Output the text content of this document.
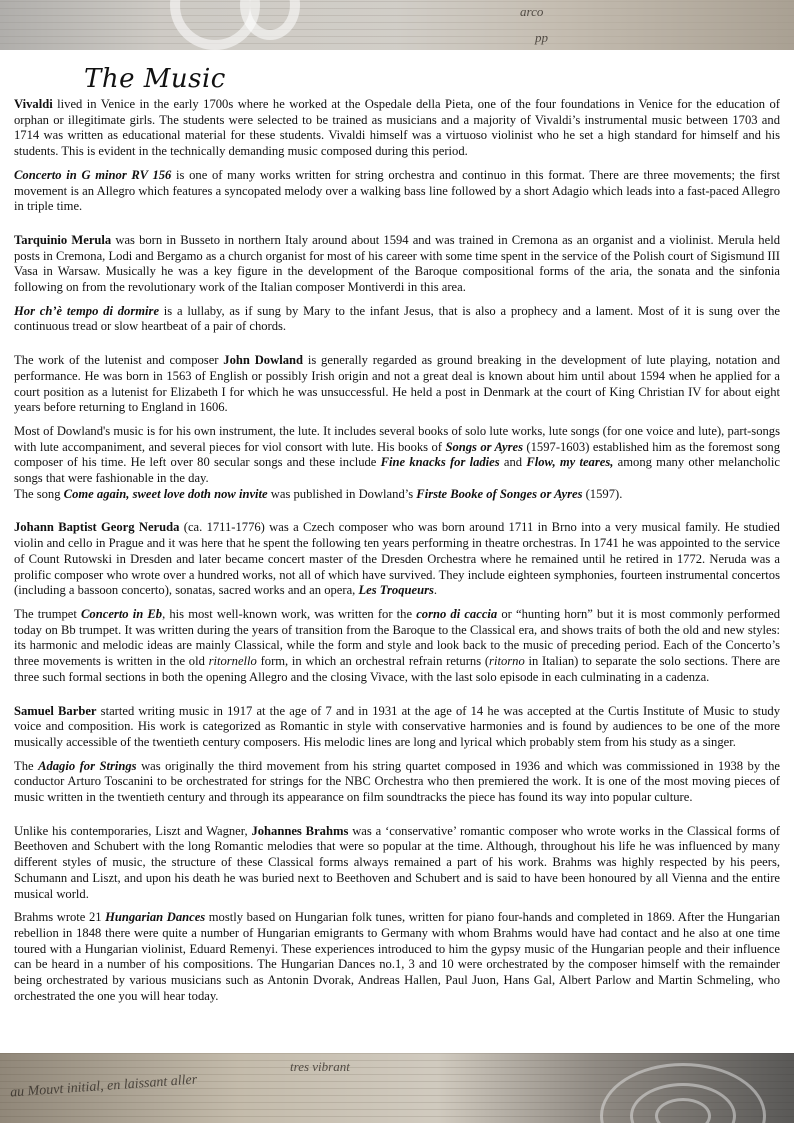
arco
pp
The Music

Vivaldi lived in Venice in the early 1700s where he worked at the Ospedale della Pieta, one of the four foundations in Venice for the education of orphan or illegitimate girls. The students were selected to be trained as musicians and a majority of Vivaldi’s instrumental music between 1703 and 1714 was written as educational material for these students. Vivaldi himself was a virtuoso violinist who he set a high standard for himself and his students. This is evident in the technically demanding music composed during this period.

Concerto in G minor RV 156 is one of many works written for string orchestra and continuo in this format. There are three movements; the first movement is an Allegro which features a syncopated melody over a walking bass line followed by a short Adagio which leads into a fast-paced Allegro in triple time.

Tarquinio Merula was born in Busseto in northern Italy around about 1594 and was trained in Cremona as an organist and a violinist. Merula held posts in Cremona, Lodi and Bergamo as a church organist for most of his career with some time spent in the service of the Polish court of Sigismund III Vasa in Warsaw. Musically he was a key figure in the development of the Baroque compositional forms of the aria, the sonata and the sinfonia following on from the revolutionary work of the Italian composer Montiverdi in this area.

Hor ch’è tempo di dormire is a lullaby, as if sung by Mary to the infant Jesus, that is also a prophecy and a lament. Most of it is sung over the continuous tread or slow heartbeat of a pair of chords.

The work of the lutenist and composer John Dowland is generally regarded as ground breaking in the development of lute playing, notation and performance. He was born in 1563 of English or possibly Irish origin and not a great deal is known about him until about 1594 when he applied for a court position as a lutenist for Elizabeth I for which he was unsuccessful. He held a post in Denmark at the court of King Christian IV for about eight years before returning to England in 1606.

Most of Dowland's music is for his own instrument, the lute. It includes several books of solo lute works, lute songs (for one voice and lute), part-songs with lute accompaniment, and several pieces for viol consort with lute. His books of Songs or Ayres (1597-1603) established him as the foremost song composer of his time. He left over 80 secular songs and these include Fine knacks for ladies and Flow, my teares, among many other melancholic songs that were fashionable in the day.

The song Come again, sweet love doth now invite was published in Dowland’s Firste Booke of Songes or Ayres (1597).

Johann Baptist Georg Neruda (ca. 1711-1776) was a Czech composer who was born around 1711 in Brno into a very musical family. He studied violin and cello in Prague and it was here that he spent the following ten years performing in theatre orchestras. In 1741 he was appointed to the service of Count Rutowski in Dresden and later became concert master of the Dresden Orchestra where he remained until he retired in 1772. Neruda was a prolific composer who wrote over a hundred works, not all of which have survived. They include eighteen symphonies, fourteen instrumental concertos (including a bassoon concerto), sonatas, sacred works and an opera, Les Troqueurs.

The trumpet Concerto in Eb, his most well-known work, was written for the corno di caccia or “hunting horn” but it is most commonly performed today on Bb trumpet. It was written during the years of transition from the Baroque to the Classical era, and shows traits of both the old and new styles: its harmonic and melodic ideas are mainly Classical, while the form and style and look back to the music of preceding period. Each of the Concerto’s three movements is written in the old ritornello form, in which an orchestral refrain returns (ritorno in Italian) to separate the solo sections. There are three such formal sections in both the opening Allegro and the closing Vivace, with the last solo episode in each culminating in a cadenza.

Samuel Barber started writing music in 1917 at the age of 7 and in 1931 at the age of 14 he was accepted at the Curtis Institute of Music to study voice and composition. His work is categorized as Romantic in style with conservative harmonies and is found by audiences to be one of the more musically accessible of the twentieth century composers. His melodic lines are long and lyrical which probably stem from his study as a singer.

The Adagio for Strings was originally the third movement from his string quartet composed in 1936 and which was commissioned in 1938 by the conductor Arturo Toscanini to be orchestrated for strings for the NBC Orchestra who then premiered the work. It is one of the most moving pieces of music written in the twentieth century and through its appearance on film soundtracks the piece has found its way into popular culture.

Unlike his contemporaries, Liszt and Wagner, Johannes Brahms was a ‘conservative’ romantic composer who wrote works in the Classical forms of Beethoven and Schubert with the long Romantic melodies that were so popular at the time. Although, throughout his life he was influenced by many different styles of music, the structure of these Classical forms always remained a part of his work. Brahms was highly respected by his peers, Schumann and Liszt, and upon his death he was buried next to Beethoven and Schubert and is said to have been honoured by all Vienna and the entire musical world.

Brahms wrote 21 Hungarian Dances mostly based on Hungarian folk tunes, written for piano four-hands and completed in 1869. After the Hungarian rebellion in 1848 there were quite a number of Hungarian emigrants to Germany with whom Brahms would have had contact and he also at one time toured with a Hungarian violinist, Eduard Remenyi. These experiences introduced to him the gypsy music of the Hungarian people and their influence can be heard in a number of his compositions. The Hungarian Dances no.1, 3 and 10 were orchestrated by the composer himself with the remainder being orchestrated by various musicians such as Antonin Dvorak, Andreas Hallen, Paul Juon, Hans Gal, Albert Parlow and Martin Schmeling, who orchestrated the one you will hear today.

tres vibrant
au Mouvt initial, en laissant aller
